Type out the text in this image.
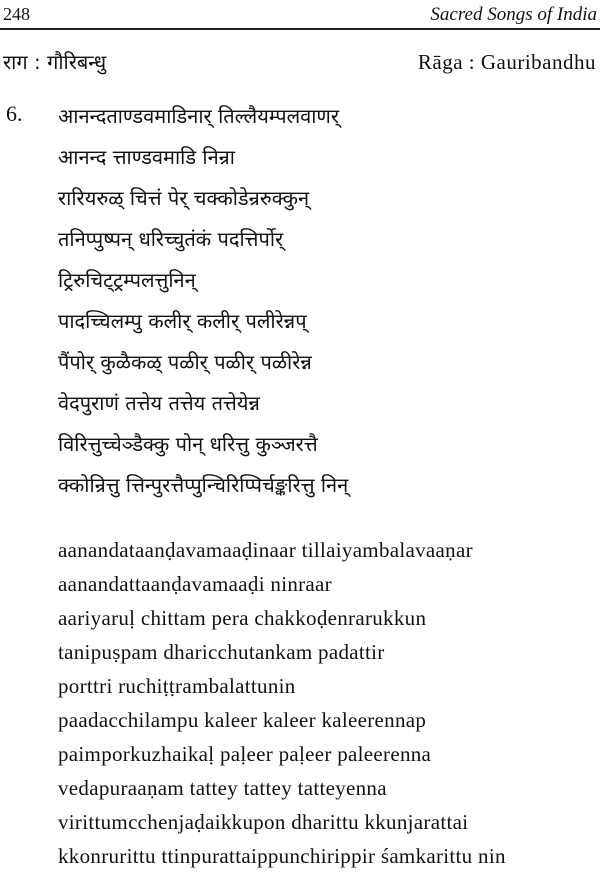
248	Sacred Songs of India
राग : गौरिबन्धु	Rāga : Gauribandhu
6. आनन्दताण्डवमाडिनार् तिल्लैयम्पलवाणर्
आनन्द त्ताण्डवमाडि निन्रा
रारियरुळ् चित्तं पेर् चक्कोडेन्ररुक्कुन्
तनिप्पुष्पन् धरिच्चुतंकं पदत्तिर्पोर्
ट्रिरुचिट्ट्रम्पलत्तुनिन्
पादच्चिलम्पु कलीर् कलीर् पलीरेन्नप्
पैंपोर् कुळैकळ् पळीर् पळीर् पळीरेन्न
वेदपुराणं तत्तेय तत्तेय तत्तेयेन्न
विरित्तुच्चेञ्डैक्कु पोन् धरित्तु कुञ्जरत्तै
क्कोन्रित्तु त्तिन्पुरत्तैप्पुन्चिरिप्पिर्चङ्करित्तु निन्
aanandataanḍavamaaḍinaar tillaiyambalavaaṇar
aanandattaanḍavamaaḍi ninraar
aariyaruḷ chittam pera chakkoḍenrarukkun
tanipuṣpam dharicchutankam padattir
porttri ruchiṭṭrambalattunin
paadacchilampu kaleer kaleer kaleerennap
paimporkuzhaikaḷ paḷeer paḷeer paleerenna
vedapuraaṇam tattey tattey tatteyenna
virittumcchenjaḍaikkupon dharittu kkunjarattai
kkonrurittu ttinpurattaippunchirippir śamkarittu nin
